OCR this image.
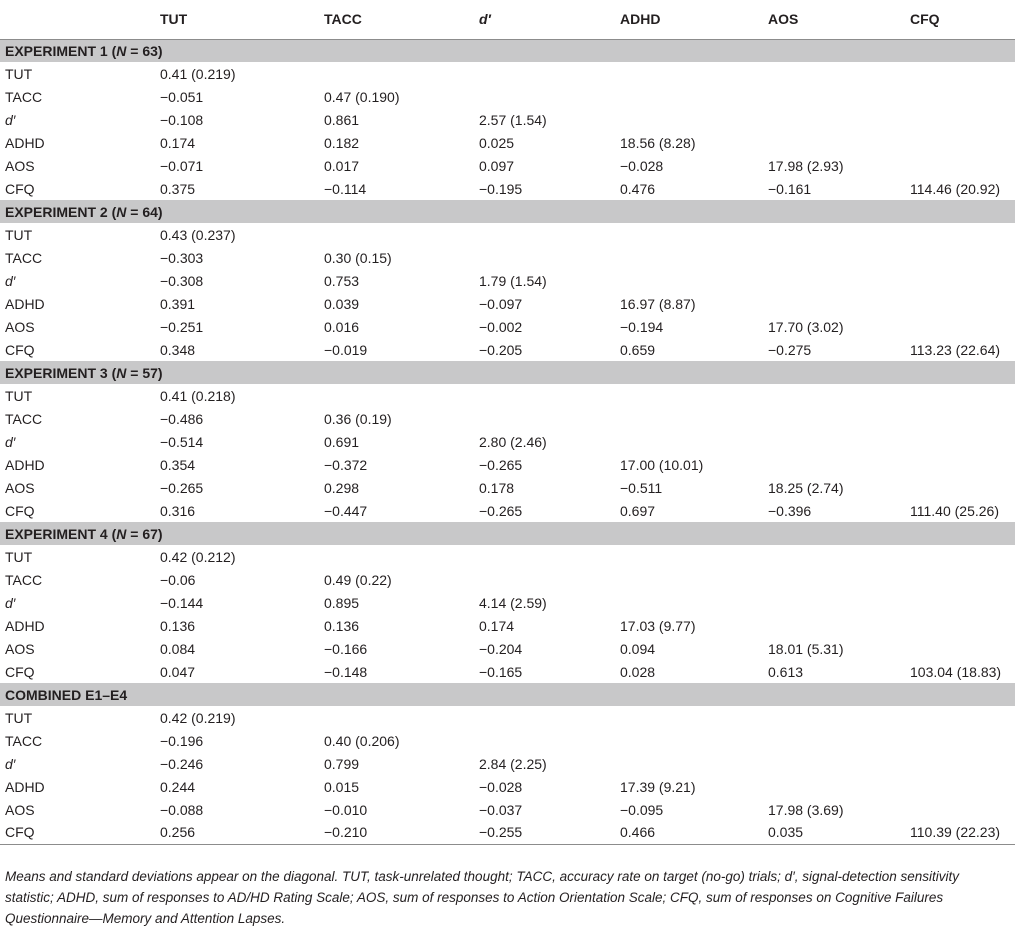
	TUT	TACC	d′	ADHD	AOS	CFQ
EXPERIMENT 1 (N = 63)						
TUT	0.41 (0.219)					
TACC	−0.051	0.47 (0.190)				
d′	−0.108	0.861	2.57 (1.54)			
ADHD	0.174	0.182	0.025	18.56 (8.28)		
AOS	−0.071	0.017	0.097	−0.028	17.98 (2.93)	
CFQ	0.375	−0.114	−0.195	0.476	−0.161	114.46 (20.92)
EXPERIMENT 2 (N = 64)						
TUT	0.43 (0.237)					
TACC	−0.303	0.30 (0.15)				
d′	−0.308	0.753	1.79 (1.54)			
ADHD	0.391	0.039	−0.097	16.97 (8.87)		
AOS	−0.251	0.016	−0.002	−0.194	17.70 (3.02)	
CFQ	0.348	−0.019	−0.205	0.659	−0.275	113.23 (22.64)
EXPERIMENT 3 (N = 57)						
TUT	0.41 (0.218)					
TACC	−0.486	0.36 (0.19)				
d′	−0.514	0.691	2.80 (2.46)			
ADHD	0.354	−0.372	−0.265	17.00 (10.01)		
AOS	−0.265	0.298	0.178	−0.511	18.25 (2.74)	
CFQ	0.316	−0.447	−0.265	0.697	−0.396	111.40 (25.26)
EXPERIMENT 4 (N = 67)						
TUT	0.42 (0.212)					
TACC	−0.06	0.49 (0.22)				
d′	−0.144	0.895	4.14 (2.59)			
ADHD	0.136	0.136	0.174	17.03 (9.77)		
AOS	0.084	−0.166	−0.204	0.094	18.01 (5.31)	
CFQ	0.047	−0.148	−0.165	0.028	0.613	103.04 (18.83)
COMBINED E1–E4						
TUT	0.42 (0.219)					
TACC	−0.196	0.40 (0.206)				
d′	−0.246	0.799	2.84 (2.25)			
ADHD	0.244	0.015	−0.028	17.39 (9.21)		
AOS	−0.088	−0.010	−0.037	−0.095	17.98 (3.69)	
CFQ	0.256	−0.210	−0.255	0.466	0.035	110.39 (22.23)

Means and standard deviations appear on the diagonal. TUT, task-unrelated thought; TACC, accuracy rate on target (no-go) trials; d′, signal-detection sensitivity statistic; ADHD, sum of responses to AD/HD Rating Scale; AOS, sum of responses to Action Orientation Scale; CFQ, sum of responses on Cognitive Failures Questionnaire—Memory and Attention Lapses.
